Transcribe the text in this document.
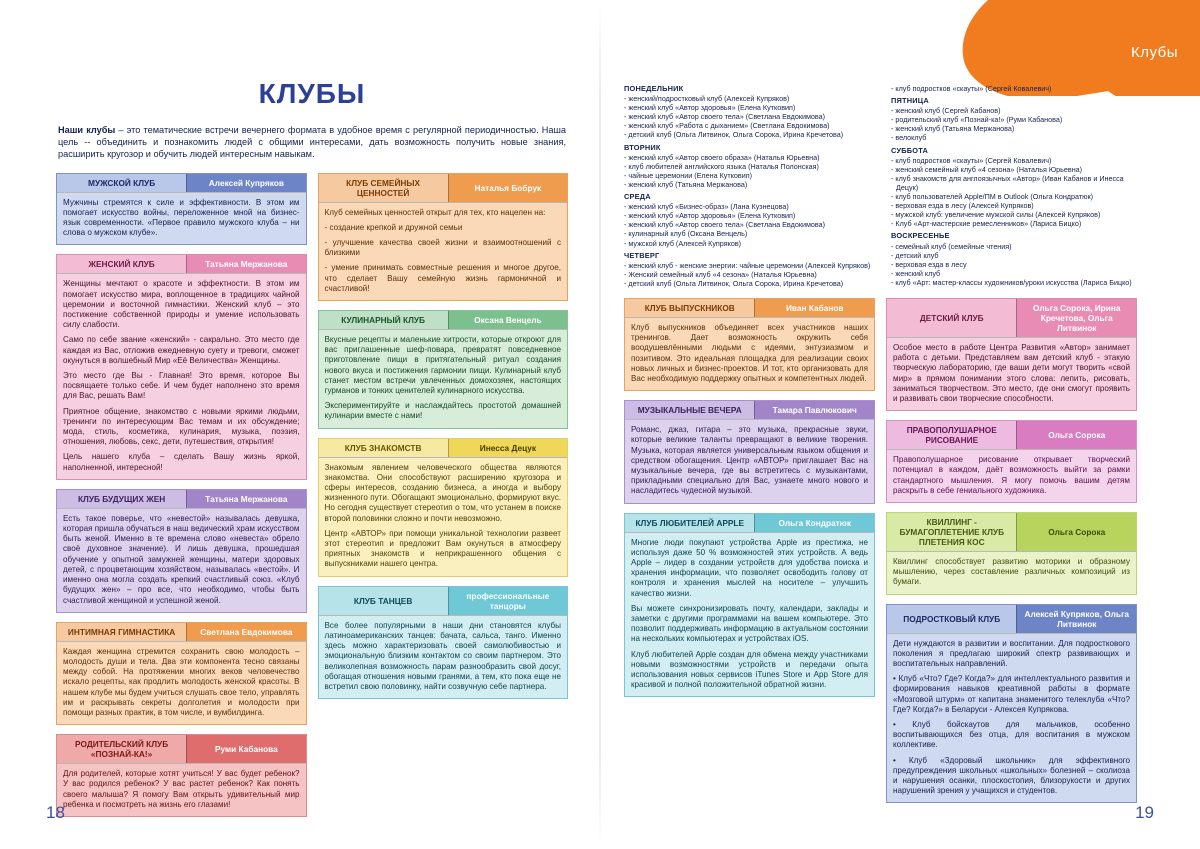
Клубы
КЛУБЫ

Наши клубы – это тематические встречи вечернего формата в удобное время с регулярной периодичностью. Наша цель -- объединить и познакомить людей с общими интересами, дать возможность получить новые знания, расширить кругозор и обучить людей интересным навыкам.

МУЖСКОЙ КЛУБ	Алексей Купряков

Мужчины стремятся к силе и эффективности. В этом им помогает искусство войны, переложенное мной на бизнес-язык современности. «Первое правило мужского клуба – ни слова о мужском клубе».

ЖЕНСКИЙ КЛУБ	Татьяна Мержанова

Женщины мечтают о красоте и эффектности. В этом им помогает искусство мира, воплощенное в традициях чайной церемонии и восточной гимнастики. Женский клуб – это постижение собственной природы и умение использовать силу слабости.

Само по себе звание «женский» - сакрально. Это место где каждая из Вас, отложив ежедневную суету и тревоги, сможет окунуться в волшебный Мир «Её Величества» Женщины.

Это место где Вы - Главная! Это время, которое Вы посвящаете только себе. И чем будет наполнено это время для Вас, решать Вам!

Приятное общение, знакомство с новыми яркими людьми, тренинги по интересующим Вас темам и их обсуждение; мода, стиль, косметика, кулинария, музыка, поэзия, отношения, любовь, секс, дети, путешествия, открытия!

Цель нашего клуба – сделать Вашу жизнь яркой, наполненной, интересной!

КЛУБ БУДУЩИХ ЖЕН	Татьяна Мержанова

Есть такое поверье, что «невестой» называлась девушка, которая пришла обучаться в наш ведический храм искусством быть женой. Именно в те времена слово «невеста» обрело своё духовное значение). И лишь девушка, прошедшая обучение у опытной замужней женщины, матери здоровых детей, с процветающим хозяйством, называлась «вестой». И именно она могла создать крепкий счастливый союз. «Клуб будущих жен» – про все, что необходимо, чтобы быть счастливой женщиной и успешной женой.

ИНТИМНАЯ ГИМНАСТИКА	Светлана Евдокимова

Каждая женщина стремится сохранить свою молодость – молодость души и тела. Два эти компонента тесно связаны между собой. На протяжении многих веков человечество искало рецепты, как продлить молодость женской красоты. В нашем клубе мы будем учиться слушать свое тело, управлять им и раскрывать секреты долголетия и молодости при помощи разных практик, в том числе, и вумбилдинга.

РОДИТЕЛЬСКИЙ КЛУБ «ПОЗНАЙ-КА!»	Руми Кабанова

Для родителей, которые хотят учиться! У вас будет ребенок? У вас родился ребенок? У вас растет ребенок? Как понять своего малыша? Я помогу Вам открыть удивительный мир ребенка и посмотреть на жизнь его глазами!

КЛУБ СЕМЕЙНЫХ ЦЕННОСТЕЙ	Наталья Бобрук

Клуб семейных ценностей открыт для тех, кто нацелен на:

- создание крепкой и дружной семьи

- улучшение качества своей жизни и взаимоотношений с близкими

- умение принимать совместные решения и многое другое, что сделает Вашу семейную жизнь гармоничной и счастливой!

КУЛИНАРНЫЙ КЛУБ	Оксана Венцель

Вкусные рецепты и маленькие хитрости, которые откроют для вас приглашенные шеф-повара, превратят повседневное приготовление пищи в притягательный ритуал создания нового вкуса и постижения гармонии пищи. Кулинарный клуб станет местом встречи увлеченных домохозяек, настоящих гурманов и тонких ценителей кулинарного искусства.

Экспериментируйте и наслаждайтесь простотой домашней кулинарии вместе с нами!

КЛУБ ЗНАКОМСТВ	Инесса Децук

Знакомым явлением человеческого общества являются знакомства. Они способствуют расширению кругозора и сферы интересов, созданию бизнеса, а иногда и выбору жизненного пути. Обогащают эмоционально, формируют вкус. Но сегодня существует стереотип о том, что устанем в поиске второй половинки сложно и почти невозможно.

Центр «АВТОР» при помощи уникальной технологии развеет этот стереотип и предложит Вам окунуться в атмосферу приятных знакомств и неприкрашенного общения с выпускниками нашего центра.

КЛУБ ТАНЦЕВ	профессиональные танцоры

Все более популярными в наши дни становятся клубы латиноамериканских танцев: бачата, сальса, танго. Именно здесь можно характеризовать своей самолюбивостью и эмоциональную близким контактом со своим партнером. Это великолепная возможность парам разнообразить свой досуг, обогащая отношения новыми гранями, а тем, кто пока еще не встретил свою половинку, найти созвучную себе партнера.

ПОНЕДЕЛЬНИК

- женский/подростковый клуб (Алексей Купряков)

- женский клуб «Автор здоровья» (Елена Кутковип)

- женский клуб «Автор своего тела» (Светлана Евдокимова)

- женский клуб «Работа с дыханием» (Светлана Евдокимова)

- детский клуб (Ольга Литвинок, Ольга Сорока, Ирина Кречетова)

ВТОРНИК

- женский клуб «Автор своего образа» (Наталья Юрьевна)

- клуб любителей английского языка (Наталья Полонская)

- чайные церемонии (Елена Кутковип)

- женский клуб (Татьяна Мержанова)

СРЕДА

- женский клуб «Бизнес-образ» (Лана Кузнецова)

- женский клуб «Автор здоровья» (Елена Кутковип)

- женский клуб «Автор своего тела» (Светлана Евдокимова)

- кулинарный клуб (Оксана Венцель)

- мужской клуб (Алексей Купряков)

ЧЕТВЕРГ

- женский клуб - женские энергии: чайные церемонии (Алексей Купряков)

- Женский семейный клуб «4 сезона» (Наталья Юрьевна)

- детский клуб (Ольга Литвинок, Ольга Сорока, Ирина Кречетова)

- клуб подростков «скауты» (Сергей Ковалевич)

ПЯТНИЦА

- женский клуб (Сергей Кабанов)

- родительский клуб «Познай-ка!» (Руми Кабанова)

- женский клуб (Татьяна Мержанова)

- велоклуб

СУББОТА

- клуб подростков «скауты» (Сергей Ковалевич)

- женский семейный клуб «4 сезона» (Наталья Юрьевна)

- клуб знакомств для англоязычных «Автор» (Иван Кабанов и Инесса Децук)

- клуб пользователей Apple/ПМ в Outlook (Ольга Кондратюк)

- верховая езда в лесу (Алексей Купряков)

- мужской клуб: увеличение мужской силы (Алексей Купряков)

- Клуб «Арт-мастерские ремесленников» (Лариса Бицко)

ВОСКРЕСЕНЬЕ

- семейный клуб (семейные чтения)

- детский клуб

- верховая езда в лесу

- женский клуб

- клуб «Арт: мастер-классы художников/уроки искусства (Лариса Бицко)

КЛУБ ВЫПУСКНИКОВ	Иван Кабанов

Клуб выпускников объединяет всех участников наших тренингов. Дает возможность окружить себя воодушевлёнными людьми с идеями, энтузиазмом и позитивом. Это идеальная площадка для реализации своих новых личных и бизнес-проектов. И тот, кто организовать для Вас необходимую поддержку опытных и компетентных людей.

МУЗЫКАЛЬНЫЕ ВЕЧЕРА	Тамара Павлюкович

Романс, джаз, гитара – это музыка, прекрасные звуки, которые великие таланты превращают в великие творения. Музыка, которая является универсальным языком общения и средством обогащения. Центр «АВТОР» приглашает Вас на музыкальные вечера, где вы встретитесь с музыкантами, прикладными специально для Вас, узнаете много нового и насладитесь чудесной музыкой.

КЛУБ ЛЮБИТЕЛЕЙ APPLE	Ольга Кондратюк

Многие люди покупают устройства Apple из престижа, не используя даже 50 % возможностей этих устройств. А ведь Apple – лидер в создании устройств для удобства поиска и хранения информации, что позволяет освободить голову от контроля и хранения мыслей на носителе – улучшить качество жизни.

Вы можете синхронизировать почту, календари, заклады и заметки с другими программами на вашем компьютере. Это позволит поддерживать информацию в актуальном состоянии на нескольких компьютерах и устройствах iOS.

Клуб любителей Apple создан для обмена между участниками новыми возможностями устройств и передачи опыта использования новых сервисов iTunes Store и App Store для красивой и полной положительной обратной жизни.

ДЕТСКИЙ КЛУБ
Ольга Сорока, Ирина Кречетова, Ольга Литвинок

Особое место в работе Центра Развития «Автор» занимает работа с детьми. Представляем вам детский клуб - этакую творческую лабораторию, где ваши дети могут творить «свой мир» в прямом понимании этого слова: лепить, рисовать, заниматься творчеством. Это место, где они смогут проявить и развивать свои творческие способности.

ПРАВОПОЛУШАРНОЕ РИСОВАНИЕ	Ольга Сорока

Правополушарное рисование открывает творческий потенциал в каждом, даёт возможность выйти за рамки стандартного мышления. Я могу помочь вашим детям раскрыть в себе гениального художника.

КВИЛЛИНГ - БУМАГОПЛЕТЕНИЕ КЛУБ ПЛЕТЕНИЯ КОС
Ольга Сорока

Квиллинг способствует развитию моторики и образному мышлению, через составление различных композиций из бумаги.

ПОДРОСТКОВЫЙ КЛУБ	Алексей Купряков, Ольга Литвинок

Дети нуждаются в развитии и воспитании. Для подросткового поколения я предлагаю широкий спектр развивающих и воспитательных направлений.

• Клуб «Что? Где? Когда?» для интеллектуального развития и формирования навыков креативной работы в формате «Мозговой штурм» от капитана знаменитого телеклуба «Что? Где? Когда?» в Беларуси - Алексея Купрякова.

• Клуб бойскаутов для мальчиков, особенно воспитывающихся без отца, для воспитания в мужском коллективе.

• Клуб «Здоровый школьник» для эффективного предупреждения школьных «школьных» болезней – сколиоза и нарушения осанки, плоскостопия, близорукости и других нарушений зрения у учащихся и студентов.

18	19
